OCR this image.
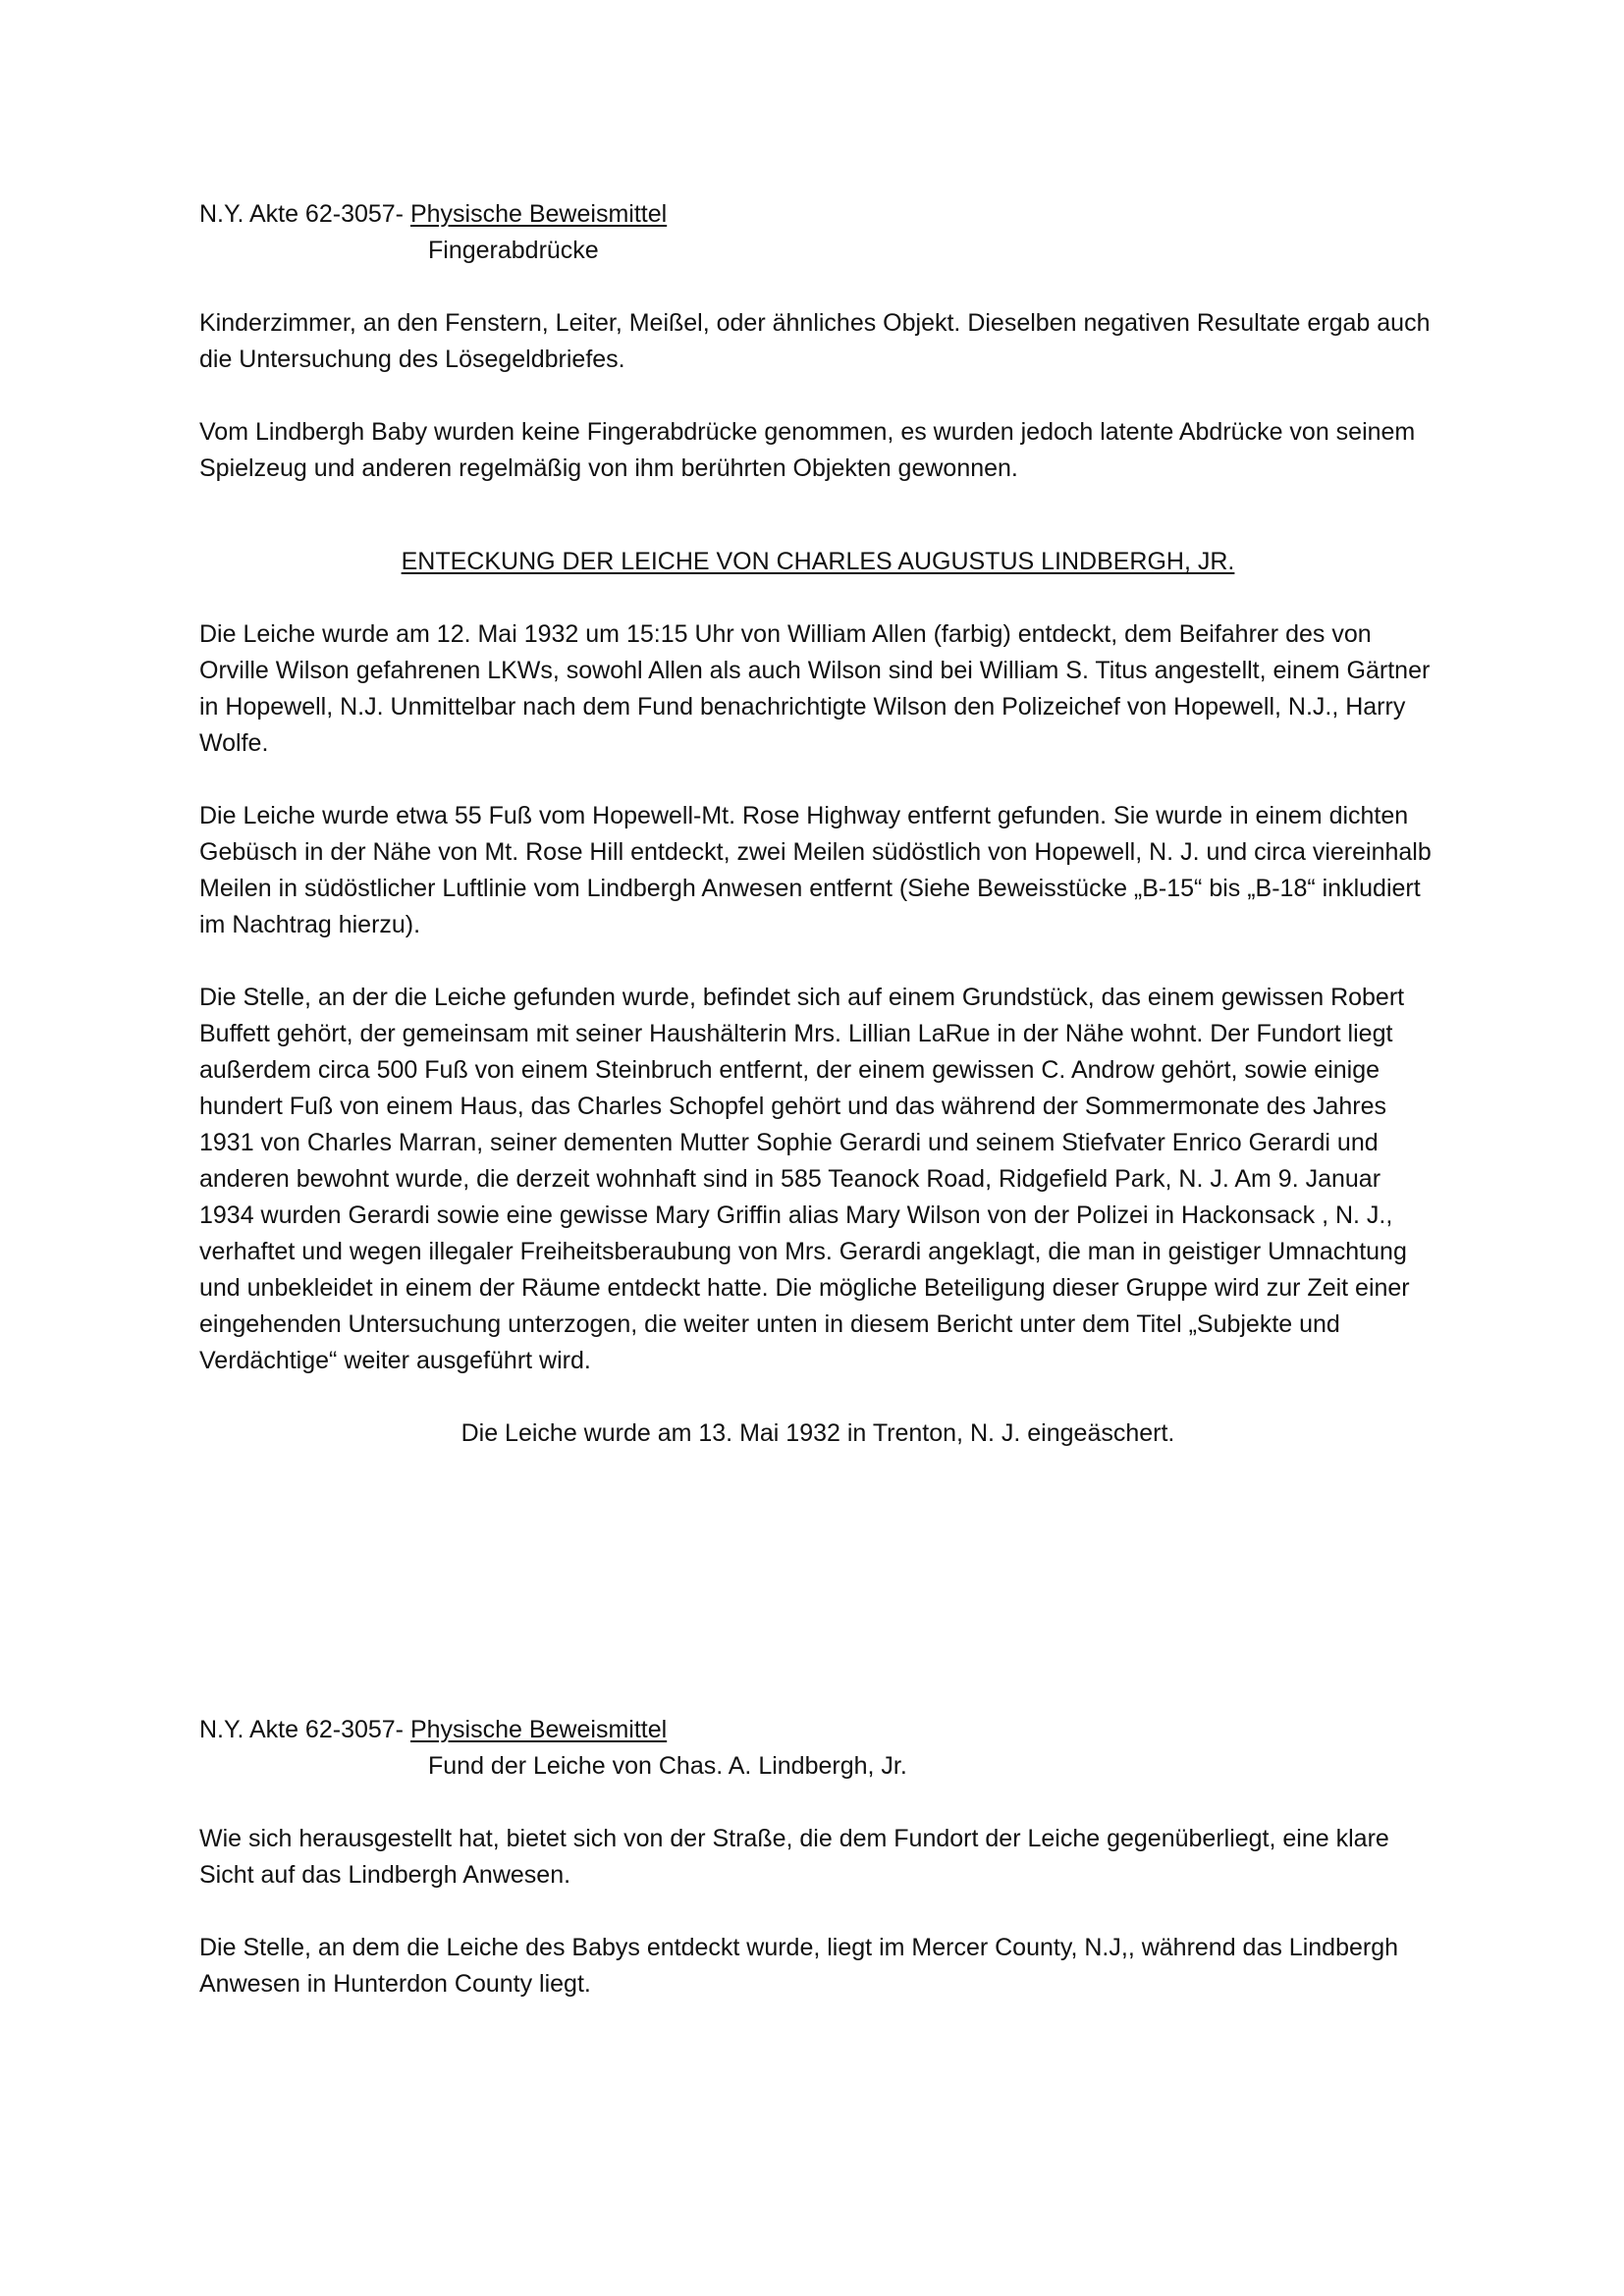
N.Y. Akte 62-3057- Physische Beweismittel

Fingerabdrücke

Kinderzimmer, an den Fenstern, Leiter, Meißel, oder ähnliches Objekt. Dieselben negativen Resultate ergab auch die Untersuchung des Lösegeldbriefes.

Vom Lindbergh Baby wurden keine Fingerabdrücke genommen, es wurden jedoch latente Abdrücke von seinem Spielzeug und anderen regelmäßig von ihm berührten Objekten gewonnen.

ENTECKUNG DER LEICHE VON CHARLES AUGUSTUS LINDBERGH, JR.

Die Leiche wurde am 12. Mai 1932 um 15:15 Uhr von William Allen (farbig) entdeckt, dem Beifahrer des von Orville Wilson gefahrenen LKWs, sowohl Allen als auch Wilson sind bei William S. Titus angestellt, einem Gärtner in Hopewell, N.J. Unmittelbar nach dem Fund benachrichtigte Wilson den Polizeichef von Hopewell, N.J., Harry Wolfe.

Die Leiche wurde etwa 55 Fuß vom Hopewell-Mt. Rose Highway entfernt gefunden. Sie wurde in einem dichten Gebüsch in der Nähe von Mt. Rose Hill entdeckt, zwei Meilen südöstlich von Hopewell, N. J. und circa viereinhalb Meilen in südöstlicher Luftlinie vom Lindbergh Anwesen entfernt (Siehe Beweisstücke „B-15“ bis „B-18“ inkludiert im Nachtrag hierzu).

Die Stelle, an der die Leiche gefunden wurde, befindet sich auf einem Grundstück, das einem gewissen Robert Buffett gehört, der gemeinsam mit seiner Haushälterin Mrs. Lillian LaRue in der Nähe wohnt. Der Fundort liegt außerdem circa 500 Fuß von einem Steinbruch entfernt, der einem gewissen C. Androw gehört, sowie einige hundert Fuß von einem Haus, das Charles Schopfel gehört und das während der Sommermonate des Jahres 1931 von Charles Marran, seiner dementen Mutter Sophie Gerardi und seinem Stiefvater Enrico Gerardi und anderen bewohnt wurde, die derzeit wohnhaft sind in 585 Teanock Road, Ridgefield Park, N. J. Am 9. Januar 1934 wurden Gerardi sowie eine gewisse Mary Griffin alias Mary Wilson von der Polizei in Hackonsack , N. J., verhaftet und wegen illegaler Freiheitsberaubung von Mrs. Gerardi angeklagt, die man in geistiger Umnachtung und unbekleidet in einem der Räume entdeckt hatte. Die mögliche Beteiligung dieser Gruppe wird zur Zeit einer eingehenden Untersuchung unterzogen, die weiter unten in diesem Bericht unter dem Titel „Subjekte und Verdächtige“ weiter ausgeführt wird.

Die Leiche wurde am 13. Mai 1932 in Trenton, N. J. eingeäschert.

N.Y. Akte 62-3057- Physische Beweismittel

Fund der Leiche von Chas. A. Lindbergh, Jr.

Wie sich herausgestellt hat, bietet sich von der Straße, die dem Fundort der Leiche gegenüberliegt, eine klare Sicht auf das Lindbergh Anwesen.

Die Stelle, an dem die Leiche des Babys entdeckt wurde, liegt im Mercer County, N.J,, während das Lindbergh Anwesen in Hunterdon County liegt.
